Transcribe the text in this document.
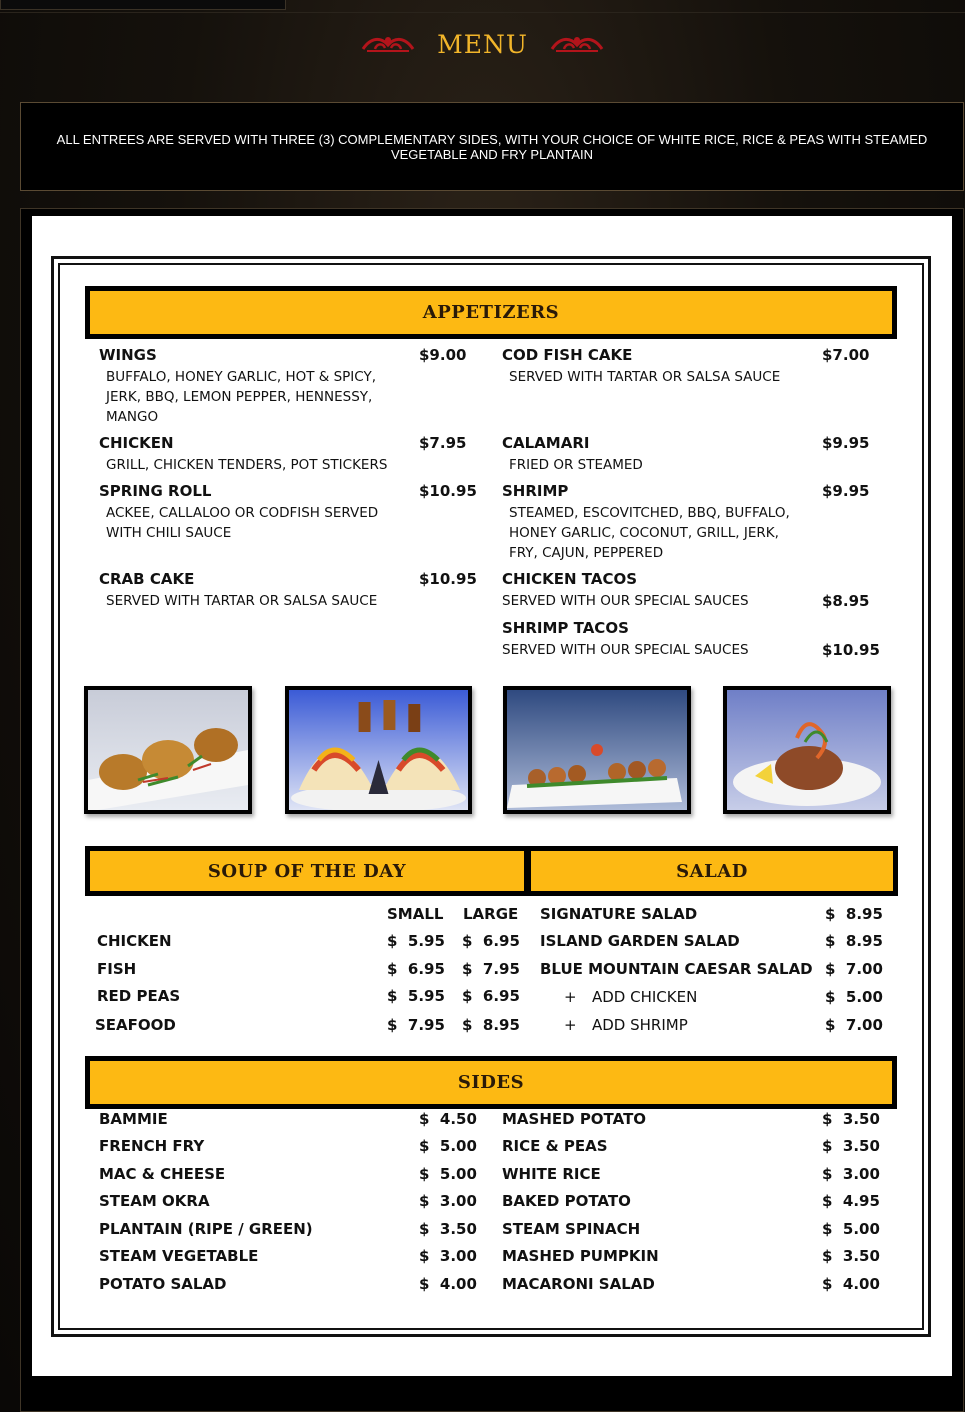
MENU
ALL ENTREES ARE SERVED WITH THREE (3) COMPLEMENTARY SIDES, WITH YOUR CHOICE OF WHITE RICE, RICE & PEAS WITH STEAMED VEGETABLE AND FRY PLANTAIN
APPETIZERS
WINGS	$9.00
BUFFALO, HONEY GARLIC, HOT & SPICY, JERK, BBQ, LEMON PEPPER, HENNESSY, MANGO
CHICKEN	$7.95
GRILL, CHICKEN TENDERS, POT STICKERS
SPRING ROLL	$10.95
ACKEE, CALLALOO OR CODFISH SERVED WITH CHILI SAUCE
CRAB CAKE	$10.95
SERVED WITH TARTAR OR SALSA SAUCE
COD FISH CAKE	$7.00
SERVED WITH TARTAR OR SALSA SAUCE
CALAMARI	$9.95
FRIED OR STEAMED
SHRIMP	$9.95
STEAMED, ESCOVITCHED, BBQ, BUFFALO, HONEY GARLIC, COCONUT, GRILL, JERK, FRY, CAJUN, PEPPERED
CHICKEN TACOS
SERVED WITH OUR SPECIAL SAUCES	$8.95
SHRIMP TACOS
SERVED WITH OUR SPECIAL SAUCES	$10.95
SOUP OF THE DAY	SALAD
SMALL LARGE
CHICKEN	$  5.95 $  6.95
FISH	$  6.95 $  7.95
RED PEAS	$  5.95 $  6.95
SEAFOOD	$  7.95 $  8.95
SIGNATURE SALAD	$  8.95
ISLAND GARDEN SALAD	$  8.95
BLUE MOUNTAIN CAESAR SALAD $  7.00
+ ADD CHICKEN	$  5.00
+ ADD SHRIMP	$  7.00
SIDES
BAMMIE	$  4.50
FRENCH FRY	$  5.00
MAC & CHEESE	$  5.00
STEAM OKRA	$  3.00
PLANTAIN (RIPE / GREEN)	$  3.50
STEAM VEGETABLE	$  3.00
POTATO SALAD	$  4.00
MASHED POTATO	$  3.50
RICE & PEAS	$  3.50
WHITE RICE	$  3.00
BAKED POTATO	$  4.95
STEAM SPINACH	$  5.00
MASHED PUMPKIN	$  3.50
MACARONI SALAD	$  4.00
